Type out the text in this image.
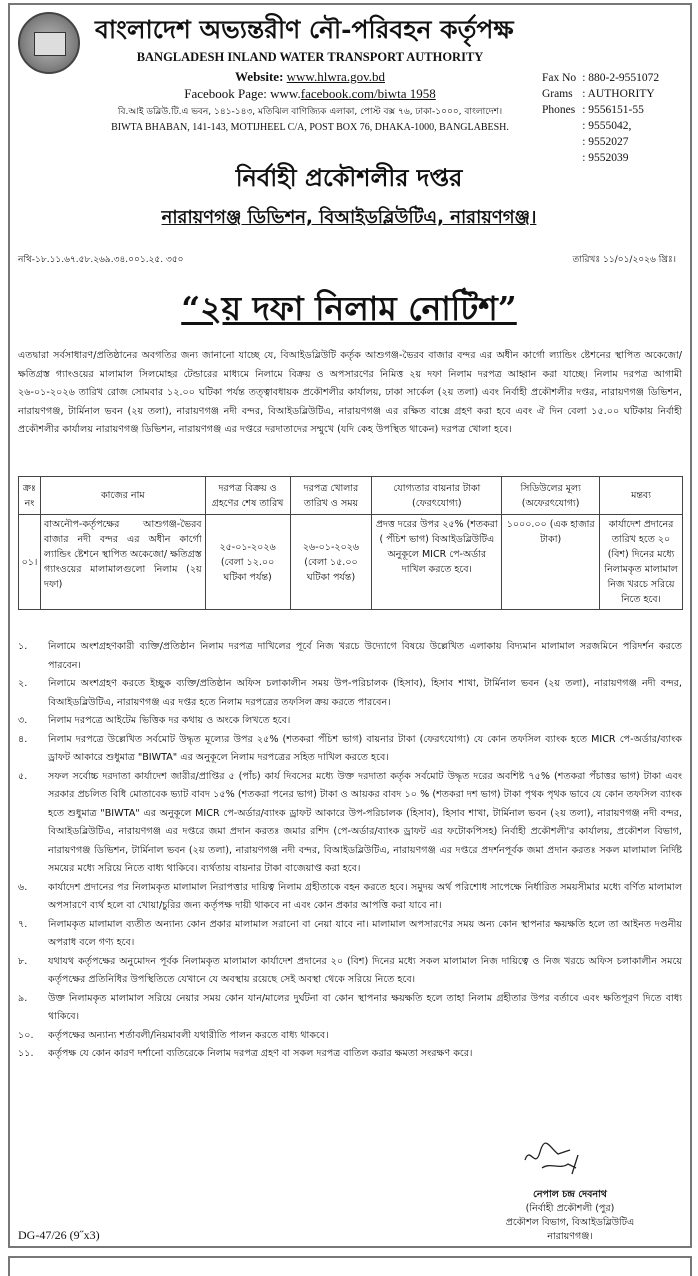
বাংলাদেশ অভ্যন্তরীণ নৌ-পরিবহন কর্তৃপক্ষ
BANGLADESH INLAND WATER TRANSPORT AUTHORITY
Website: www.hlwra.gov.bd
Facebook Page: www.facebook.com/biwta 1958
বি.আই ডব্লিউ.টি.এ ভবন, ১৪১-১৪৩, মতিঝিল বাণিজ্যিক এলাকা, পোস্ট বক্স ৭৬, ঢাকা-১০০০, বাংলাদেশ।
BIWTA BHABAN, 141-143, MOTIJHEEL C/A, POST BOX 76, DHAKA-1000, BANGLABESH.
Fax No	: 880-2-9551072
Grams	: AUTHORITY
Phones	: 9556151-55
	: 9555042,
	: 9552027
	: 9552039
নির্বাহী প্রকৌশলীর দপ্তর
নারায়ণগঞ্জ ডিভিশন, বিআইডব্লিউটিএ, নারায়ণগঞ্জ।
নথি-১৮.১১.৬৭.৫৮.২৬৯.৩৪.০০১.২৫. ৩৫০	তারিখঃ ১১/০১/২০২৬ খ্রিঃ।
“২য় দফা নিলাম নোটিশ”

এতদ্বারা সর্বসাধারণ/প্রতিষ্ঠানের অবগতির জন্য জানানো যাচ্ছে যে, বিআইডব্লিউটি কর্তৃক আশুগঞ্জ-ভৈরব বাজার বন্দর এর অধীন কার্গো ল্যান্ডিং ষ্টেশনের স্থাপিত অকেজো/ক্ষতিগ্রস্ত গ্যাংওয়ের মালামাল সিলমোহর টেন্ডারের মাধ্যমে নিলামে বিক্রয় ও অপসারণের নিমিত্ত ২য় দফা নিলাম দরপত্র আহ্বান করা যাচ্ছে। নিলাম দরপত্র আগামী ২৬-০১-২০২৬ তারিখ রোজ সোমবার ১২.০০ ঘটিকা পর্যন্ত তত্ত্বাবধায়ক প্রকৌশলীর কার্যালয়, ঢাকা সার্কেল (২য় তলা) এবং নির্বাহী প্রকৌশলীর দপ্তর, নারায়ণগঞ্জ ডিভিশন, নারায়ণগঞ্জ, টার্মিনাল ভবন (২য় তলা), নারায়ণগঞ্জ নদী বন্দর, বিআইডব্লিউটিএ, নারায়ণগঞ্জ এর রক্ষিত বাক্সে গ্রহণ করা হবে এবং ঐ দিন বেলা ১৫.০০ ঘটিকায় নির্বাহী প্রকৌশলীর কার্যালয় নারায়ণগঞ্জ ডিভিশন, নারায়ণগঞ্জ এর দপ্তরে দরদাতাদের সম্মুখে (যদি কেহ উপস্থিত থাকেন) দরপত্র খোলা হবে।

ক্রঃ নং	কাজের নাম	দরপত্র বিক্রয় ও গ্রহণের শেষ তারিখ	দরপত্র খোলার তারিখ ও সময়	যোগ্যতার বায়নার টাকা (ফেরৎযোগ্য)	সিডিউলের মূল্য (অফেরৎযোগ্য)	মন্তব্য
০১।	বাঅনৌপ-কর্তৃপক্ষের আশুগঞ্জ-ভৈরব বাজার নদী বন্দর এর অধীন কার্গো ল্যান্ডিং ষ্টেশনে স্থাপিত অকেজো/ ক্ষতিগ্রস্ত গ্যাংওয়ের মালামালগুলো নিলাম (২য় দফা)	২৫-০১-২০২৬ (বেলা ১২.০০ ঘটিকা পর্যন্ত)	২৬-০১-২০২৬ (বেলা ১৫.০০ ঘটিকা পর্যন্ত)	প্রদত্ত দরের উপর ২৫% (শতকরা ( পঁচিশ ভাগ) বিআইডব্লিউটিএ অনুকূলে MICR পে-অর্ডার দাখিল করতে হবে।	১০০০.০০ (এক হাজার টাকা)	কার্যাদেশ প্রদানের তারিখ হতে ২০ (বিশ) দিনের মধ্যে নিলামকৃত মালামাল নিজ খরচে সরিয়ে নিতে হবে।
১.	নিলামে অংশগ্রহণকারী ব্যক্তি/প্রতিষ্ঠান নিলাম দরপত্র দাখিলের পূর্বে নিজ খরচে উদ্যোগে বিষয়ে উল্লেখিত এলাকায় বিদ্যমান মালামাল সরজমিনে পরিদর্শন করতে পারবেন।
২.	নিলামে অংশগ্রহণ করতে ইচ্ছুক ব্যক্তি/প্রতিষ্ঠান অফিস চলাকালীন সময় উপ-পরিচালক (হিসাব), হিসাব শাখা, টার্মিনাল ভবন (২য় তলা), নারায়ণগঞ্জ নদী বন্দর, বিআইডব্লিউটিএ, নারায়ণগঞ্জ এর দপ্তর হতে নিলাম দরপত্রের তফসিল ক্রয় করতে পারবেন।
৩.	নিলাম দরপত্রে আইটেম ভিত্তিক দর কথায় ও অংকে লিখতে হবে।
৪.	নিলাম দরপত্রে উল্লেখিত সর্বমোট উদ্ধৃত মূল্যের উপর ২৫% (শতকরা পঁচিশ ভাগ) বায়নার টাকা (ফেরৎযোগ্য) যে কোন তফসিল ব্যাংক হতে MICR পে-অর্ডার/ব্যাংক ড্রাফট আকারে শুধুমাত্র "BIWTA" এর অনুকূলে নিলাম দরপত্রের সহিত দাখিল করতে হবে।
৫.	সফল সর্বোচ্চ দরদাতা কার্যাদেশ জারীর/প্রাপ্তির ৫ (পাঁচ) কার্য দিবসের মধ্যে উক্ত দরদাতা কর্তৃক সর্বমোট উদ্ধৃত দরের অবশিষ্ট ৭৫% (শতকরা পঁচাত্তর ভাগ) টাকা এবং সরকার প্রচলিত বিধি মোতাবেক ভ্যাট বাবদ ১৫% (শতকরা পনের ভাগ) টাকা ও আয়কর বাবদ ১০ % (শতকরা দশ ভাগ) টাকা পৃথক পৃথক ভাবে যে কোন তফসিল ব্যাংক হতে শুধুমাত্র "BIWTA" এর অনুকূলে MICR পে-অর্ডার/ব্যাংক ড্রাফট আকারে উপ-পরিচালক (হিসাব), হিসাব শাখা, টার্মিনাল ভবন (২য় তলা), নারায়ণগঞ্জ নদী বন্দর, বিআইডব্লিউটিএ, নারায়ণগঞ্জ এর দপ্তরে জমা প্রদান করতঃ জমার রশিদ (পে-অর্ডার/ব্যাংক ড্রাফট এর ফটোকপিসহ) নির্বাহী প্রকৌশলী'র কার্যালয়, প্রকৌশল বিভাগ, নারায়ণগঞ্জ ডিভিশন, টার্মিনাল ভবন (২য় তলা), নারায়ণগঞ্জ নদী বন্দর, বিআইডব্লিউটিএ, নারায়ণগঞ্জ এর দপ্তরে প্রদর্শনপূর্বক জমা প্রদান করতঃ সকল মালামাল নির্দিষ্ট সময়ের মধ্যে সরিয়ে নিতে বাধ্য থাকিবে। ব্যর্থতায় বায়নার টাকা বাজেয়াপ্ত করা হবে।
৬.	কার্যাদেশ প্রদানের পর নিলামকৃত মালামাল নিরাপত্তার দায়িত্ব নিলাম গ্রহীতাকে বহন করতে হবে। সমুদয় অর্থ পরিশোধ সাপেক্ষে নির্ধারিত সময়সীমার মধ্যে বর্ণিত মালামাল অপসারণে ব্যর্থ হলে বা খোয়া/চুরির জন্য কর্তৃপক্ষ দায়ী থাকবে না এবং কোন প্রকার আপত্তি করা যাবে না।
৭.	নিলামকৃত মালামাল ব্যতীত অন্যান্য কোন প্রকার মালামাল সরানো বা নেয়া যাবে না। মালামাল অপসারণের সময় অন্য কোন স্থাপনার ক্ষয়ক্ষতি হলে তা আইনত দণ্ডনীয় অপরাধ বলে গণ্য হবে।
৮.	যথাযথ কর্তৃপক্ষের অনুমোদন পূর্বক নিলামকৃত মালামাল কার্যাদেশ প্রদানের ২০ (বিশ) দিনের মধ্যে সকল মালামাল নিজ দায়িত্বে ও নিজ খরচে অফিস চলাকালীন সময়ে কর্তৃপক্ষের প্রতিনিধির উপস্থিতিতে যেখানে যে অবস্থায় রয়েছে সেই অবস্থা থেকে সরিয়ে নিতে হবে।
৯.	উক্ত নিলামকৃত মালামাল সরিয়ে নেয়ার সময় কোন যান/মালের দুর্ঘটনা বা কোন স্থাপনার ক্ষয়ক্ষতি হলে তাহা নিলাম গ্রহীতার উপর বর্তাবে এবং ক্ষতিপূরণ দিতে বাধ্য থাকিবে।
১০.	কর্তৃপক্ষের অন্যান্য শর্তাবলী/নিয়মাবলী যথারীতি পালন করতে বাধ্য থাকবে।
১১.	কর্তৃপক্ষ যে কোন কারণ দর্শানো ব্যতিরেকে নিলাম দরপত্র গ্রহণ বা সকল দরপত্র বাতিল করার ক্ষমতা সংরক্ষণ করে।
নেপাল চন্দ্র দেবনাথ
(নির্বাহী প্রকৌশলী (পুর)
প্রকৌশল বিভাগ, বিআইডব্লিউটিএ
নারায়ণগঞ্জ।
DG-47/26 (9˝x3)
